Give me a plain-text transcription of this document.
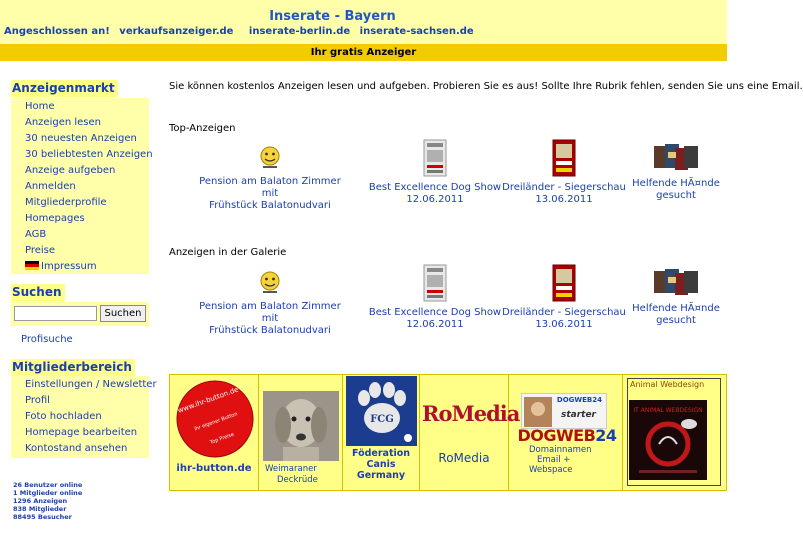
Inserate - Bayern
Angeschlossen an! verkaufsanzeiger.de inserate-berlin.de inserate-sachsen.de
Ihr gratis Anzeiger
Anzeigenmarkt
Home
Anzeigen lesen
30 neuesten Anzeigen
30 beliebtesten Anzeigen
Anzeige aufgeben
Anmelden
Mitgliederprofile
Homepages
AGB
Preise
Impressum
Suchen
Suchen
Profisuche
Mitgliederbereich
Einstellungen / Newsletter
Profil
Foto hochladen
Homepage bearbeiten
Kontostand ansehen
26 Benutzer online
1 Mitglieder online
1296 Anzeigen
838 Mitglieder
88495 Besucher
Sie können kostenlos Anzeigen lesen und aufgeben. Probieren Sie es aus! Sollte Ihre Rubrik fehlen, senden Sie uns eine Email.
Top-Anzeigen
Pension am Balaton Zimmer mit
Frühstück Balatonudvari
Best Excellence Dog Show
12.06.2011
Dreiländer - Siegerschau
13.06.2011
Helfende HÃ¤nde
gesucht
Anzeigen in der Galerie
Pension am Balaton Zimmer mit
Frühstück Balatonudvari
Best Excellence Dog Show
12.06.2011
Dreiländer - Siegerschau
13.06.2011
Helfende HÃ¤nde
gesucht
www.ihr-button.de
ihr eigener Button
Top Preise
ihr-button.de	Weimaraner
Deckrüde
FCG
Föderation
Canis
Germany
RoMedia
RoMedia
DOGWEB24
starter
DOGWEB24
Domainnamen
Email +
Webspace
Animal Webdesign
IT ANIMAL WEBDESIGN
